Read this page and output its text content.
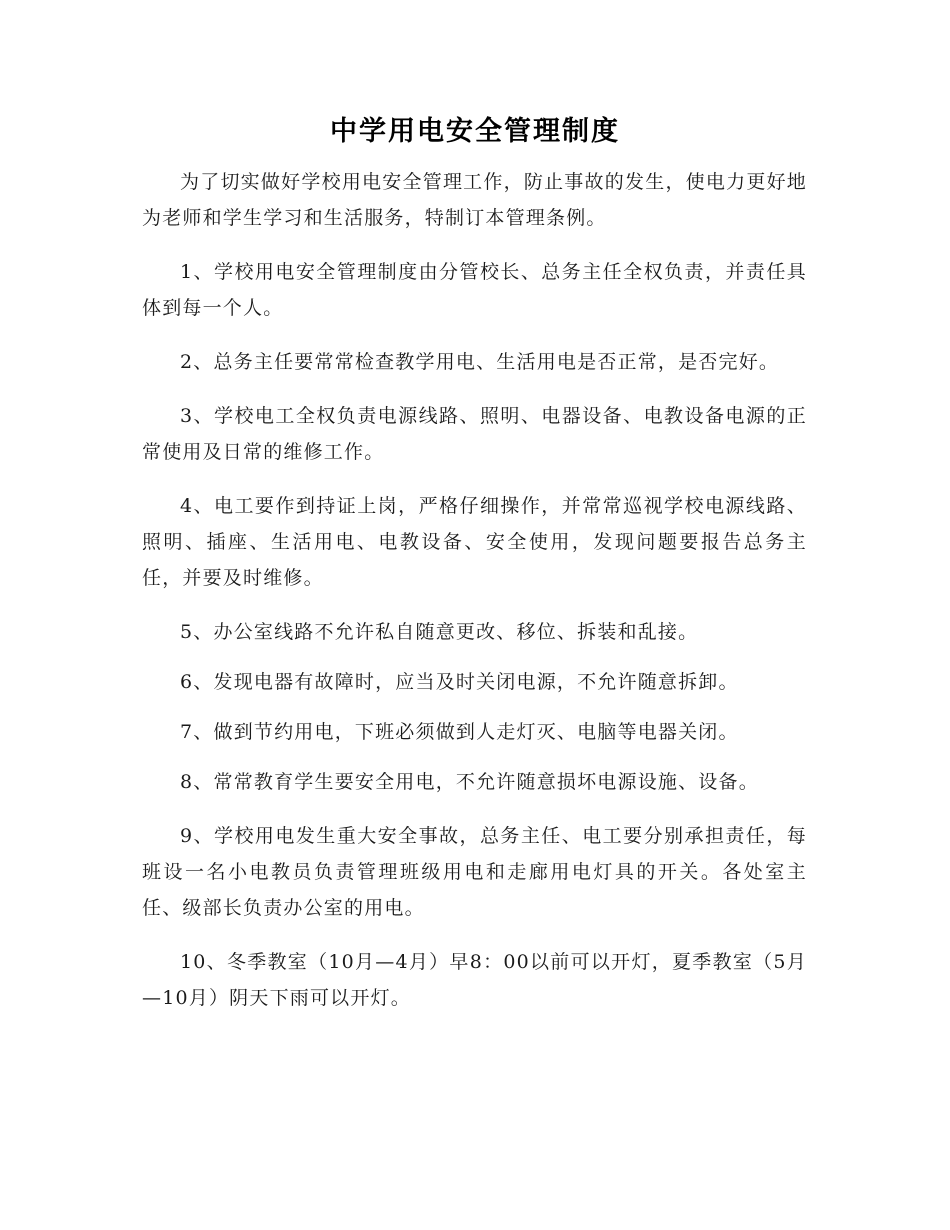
中学用电安全管理制度

为了切实做好学校用电安全管理工作，防止事故的发生，使电力更好地为老师和学生学习和生活服务，特制订本管理条例。

1、学校用电安全管理制度由分管校长、总务主任全权负责，并责任具体到每一个人。

2、总务主任要常常检查教学用电、生活用电是否正常，是否完好。

3、学校电工全权负责电源线路、照明、电器设备、电教设备电源的正常使用及日常的维修工作。

4、电工要作到持证上岗，严格仔细操作，并常常巡视学校电源线路、照明、插座、生活用电、电教设备、安全使用，发现问题要报告总务主任，并要及时维修。

5、办公室线路不允许私自随意更改、移位、拆装和乱接。

6、发现电器有故障时，应当及时关闭电源，不允许随意拆卸。

7、做到节约用电，下班必须做到人走灯灭、电脑等电器关闭。

8、常常教育学生要安全用电，不允许随意损坏电源设施、设备。

9、学校用电发生重大安全事故，总务主任、电工要分别承担责任，每班设一名小电教员负责管理班级用电和走廊用电灯具的开关。各处室主任、级部长负责办公室的用电。

10、冬季教室（10月—4月）早8：00以前可以开灯，夏季教室（5月—10月）阴天下雨可以开灯。
